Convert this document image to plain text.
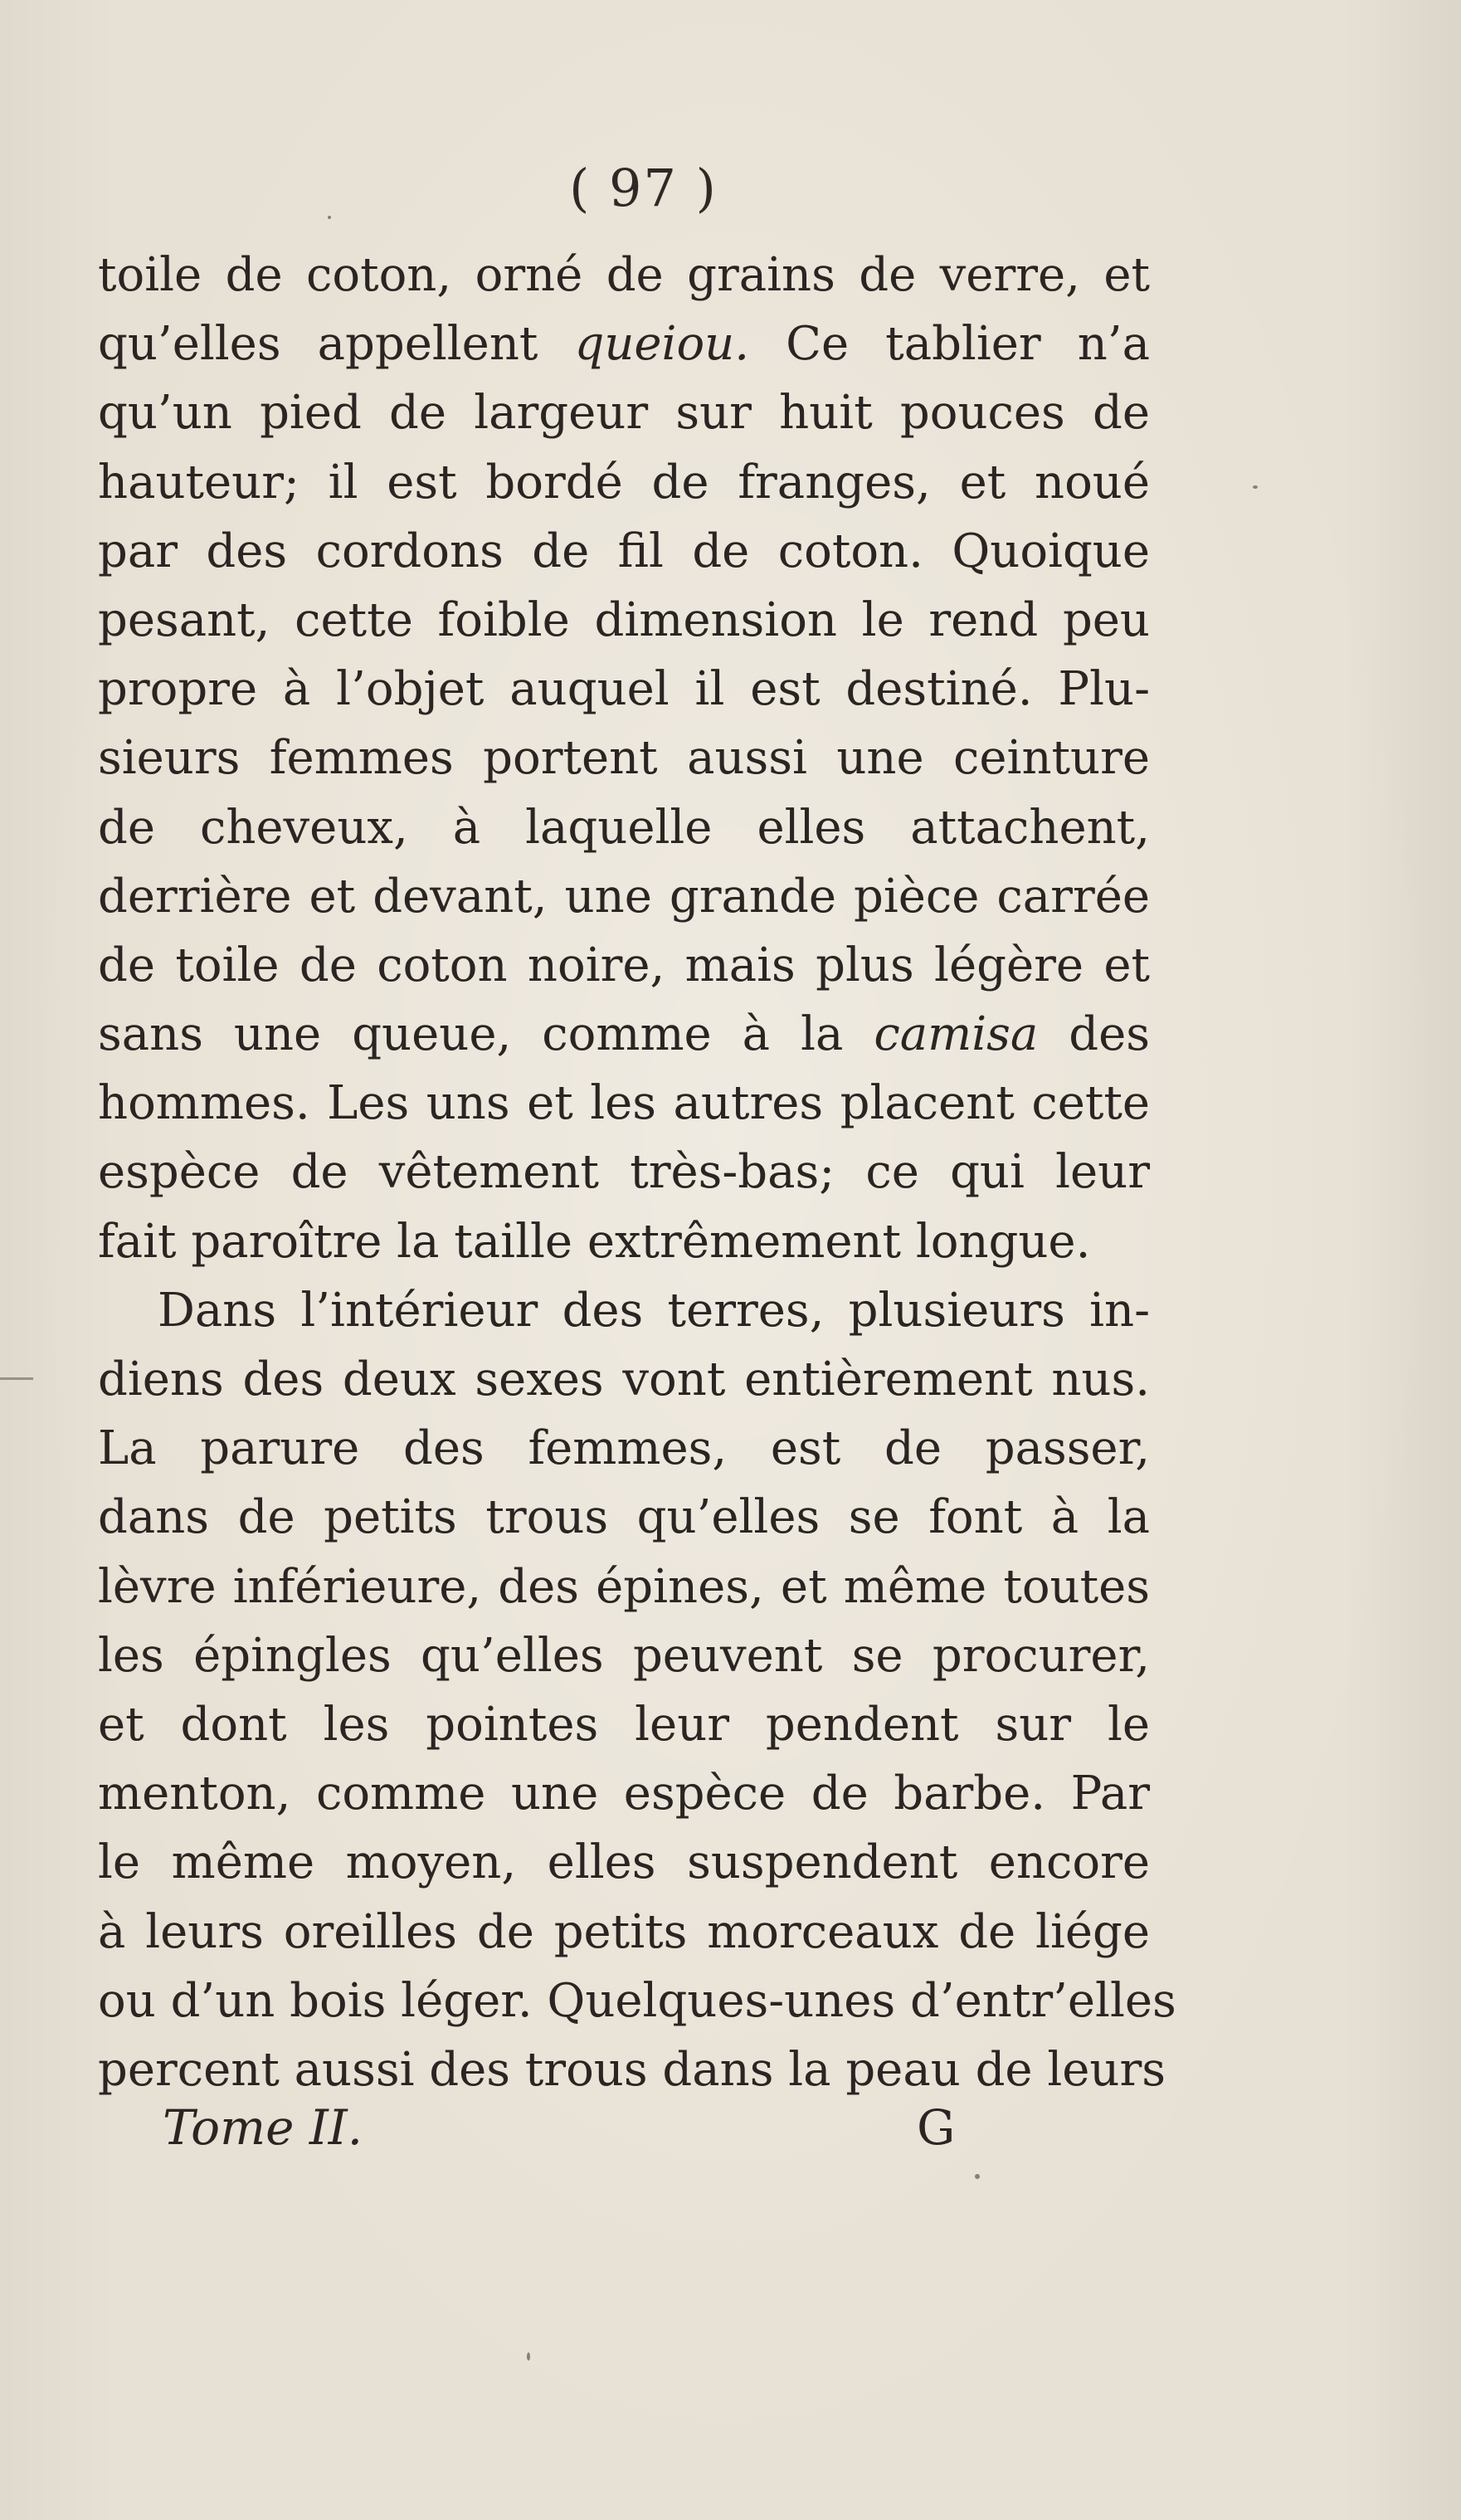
( 97 )
toile de coton, orné de grains de verre, et
qu’elles appellent queiou. Ce tablier n’a
qu’un pied de largeur sur huit pouces de
hauteur; il est bordé de franges, et noué
par des cordons de fil de coton. Quoique
pesant, cette foible dimension le rend peu
propre à l’objet auquel il est destiné. Plu-
sieurs femmes portent aussi une ceinture
de cheveux, à laquelle elles attachent,
derrière et devant, une grande pièce carrée
de toile de coton noire, mais plus légère et
sans une queue, comme à la camisa des
hommes. Les uns et les autres placent cette
espèce de vêtement très-bas; ce qui leur
fait paroître la taille extrêmement longue.
Dans l’intérieur des terres, plusieurs in-
diens des deux sexes vont entièrement nus.
La parure des femmes, est de passer,
dans de petits trous qu’elles se font à la
lèvre inférieure, des épines, et même toutes
les épingles qu’elles peuvent se procurer,
et dont les pointes leur pendent sur le
menton, comme une espèce de barbe. Par
le même moyen, elles suspendent encore
à leurs oreilles de petits morceaux de liége
ou d’un bois léger. Quelques-unes d’entr’elles
percent aussi des trous dans la peau de leurs
Tome II.	G
